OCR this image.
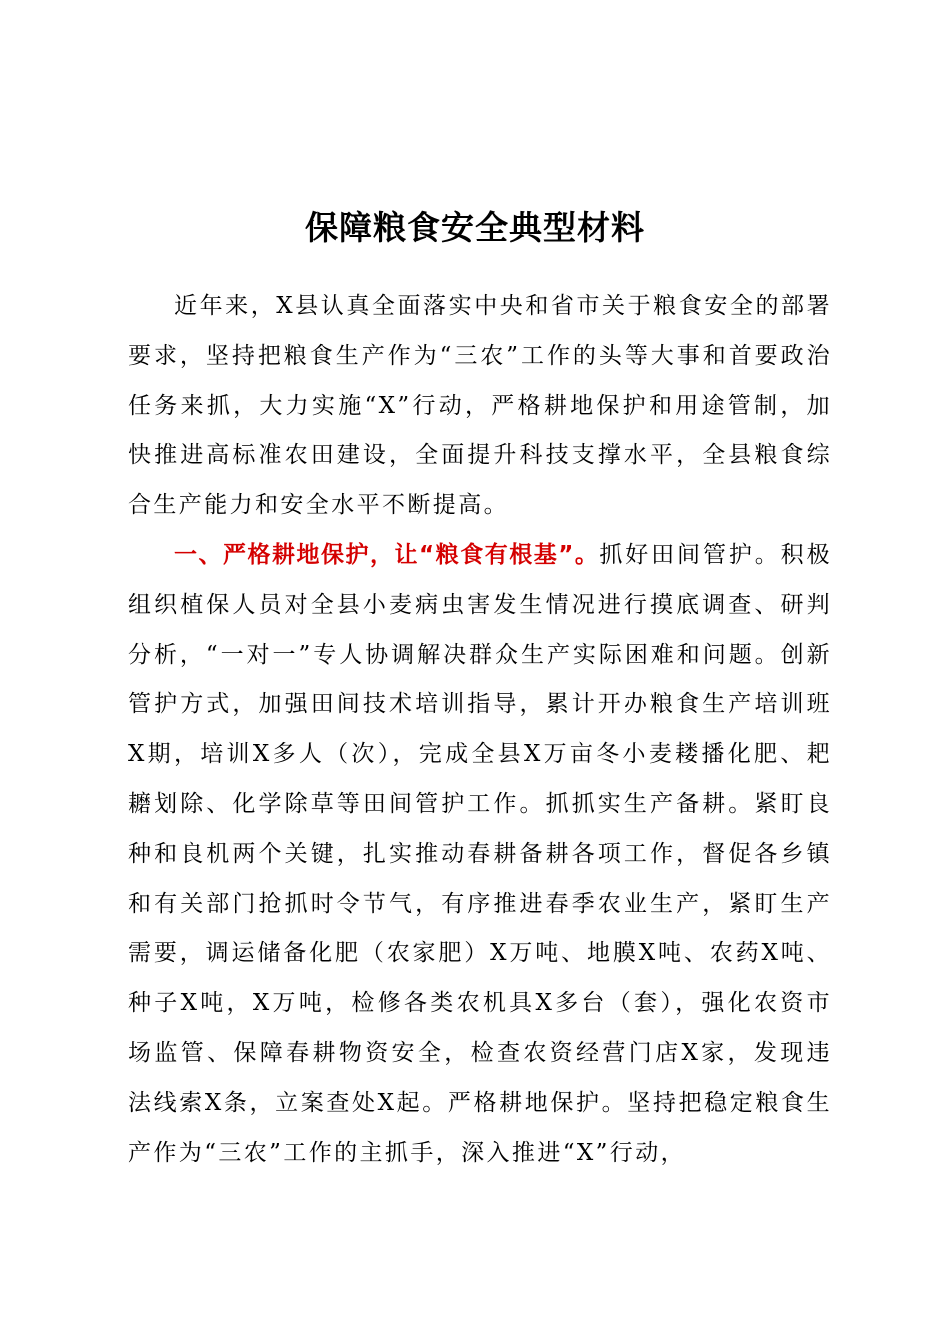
保障粮食安全典型材料

近年来，X县认真全面落实中央和省市关于粮食安全的部署要求，坚持把粮食生产作为“三农”工作的头等大事和首要政治任务来抓，大力实施“X”行动，严格耕地保护和用途管制，加快推进高标准农田建设，全面提升科技支撑水平，全县粮食综合生产能力和安全水平不断提高。

一、严格耕地保护，让“粮食有根基”。抓好田间管护。积极组织植保人员对全县小麦病虫害发生情况进行摸底调查、研判分析，“一对一”专人协调解决群众生产实际困难和问题。创新管护方式，加强田间技术培训指导，累计开办粮食生产培训班X期，培训X多人（次），完成全县X万亩冬小麦耧播化肥、耙耱划除、化学除草等田间管护工作。抓抓实生产备耕。紧盯良种和良机两个关键，扎实推动春耕备耕各项工作，督促各乡镇和有关部门抢抓时令节气，有序推进春季农业生产，紧盯生产需要，调运储备化肥（农家肥）X万吨、地膜X吨、农药X吨、种子X吨，X万吨，检修各类农机具X多台（套），强化农资市场监管、保障春耕物资安全，检查农资经营门店X家，发现违法线索X条，立案查处X起。严格耕地保护。坚持把稳定粮食生产作为“三农”工作的主抓手，深入推进“X”行动，
